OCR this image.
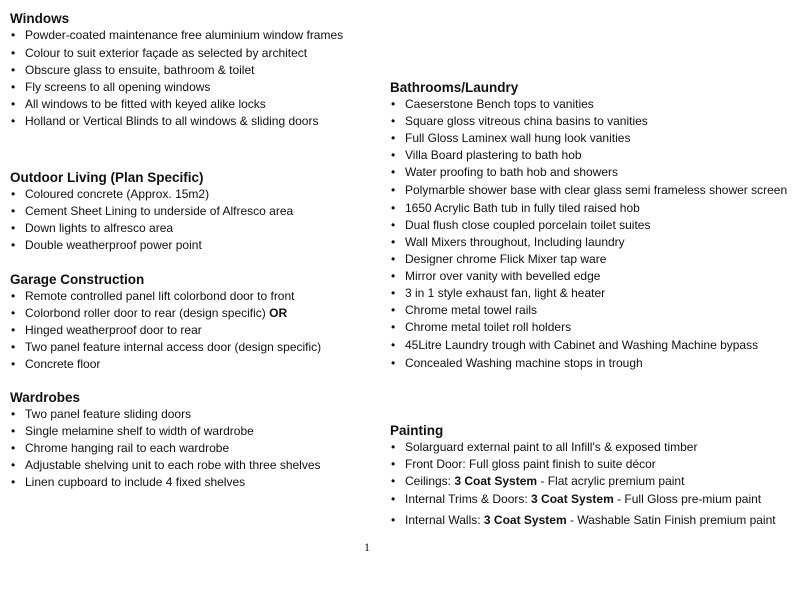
Windows
• Powder-coated maintenance free aluminium window frames
• Colour to suit exterior façade as selected by architect
• Obscure glass to ensuite, bathroom & toilet
• Fly screens to all opening windows
• All windows to be fitted with keyed alike locks
• Holland or Vertical Blinds to all windows & sliding doors
Outdoor Living (Plan Specific)
• Coloured concrete (Approx. 15m2)
• Cement Sheet Lining to underside of Alfresco area
• Down lights to alfresco area
• Double weatherproof power point
Garage Construction
• Remote controlled panel lift colorbond door to front
• Colorbond roller door to rear (design specific) OR
• Hinged weatherproof door to rear
• Two panel feature internal access door (design specific)
• Concrete floor
Wardrobes
• Two panel feature sliding doors
• Single melamine shelf to width of wardrobe
• Chrome hanging rail to each wardrobe
• Adjustable shelving unit to each robe with three shelves
• Linen cupboard to include 4 fixed shelves
Bathrooms/Laundry
• Caeserstone Bench tops to vanities
• Square gloss vitreous china basins to vanities
• Full Gloss Laminex wall hung look vanities
• Villa Board plastering to bath hob
• Water proofing to bath hob and showers
• Polymarble shower base with clear glass semi frameless shower screen
• 1650 Acrylic Bath tub in fully tiled raised hob
• Dual flush close coupled porcelain toilet suites
• Wall Mixers throughout, Including laundry
• Designer chrome Flick Mixer tap ware
• Mirror over vanity with bevelled edge
• 3 in 1 style exhaust fan, light & heater
• Chrome metal towel rails
• Chrome metal toilet roll holders
• 45Litre Laundry trough with Cabinet and Washing Machine bypass
• Concealed Washing machine stops in trough
Painting
• Solarguard external paint to all Infill's & exposed timber
• Front Door: Full gloss paint finish to suite décor
• Ceilings: 3 Coat System - Flat acrylic premium paint
• Internal Trims & Doors: 3 Coat System - Full Gloss pre-mium paint
• Internal Walls: 3 Coat System - Washable Satin Finish premium paint
1
